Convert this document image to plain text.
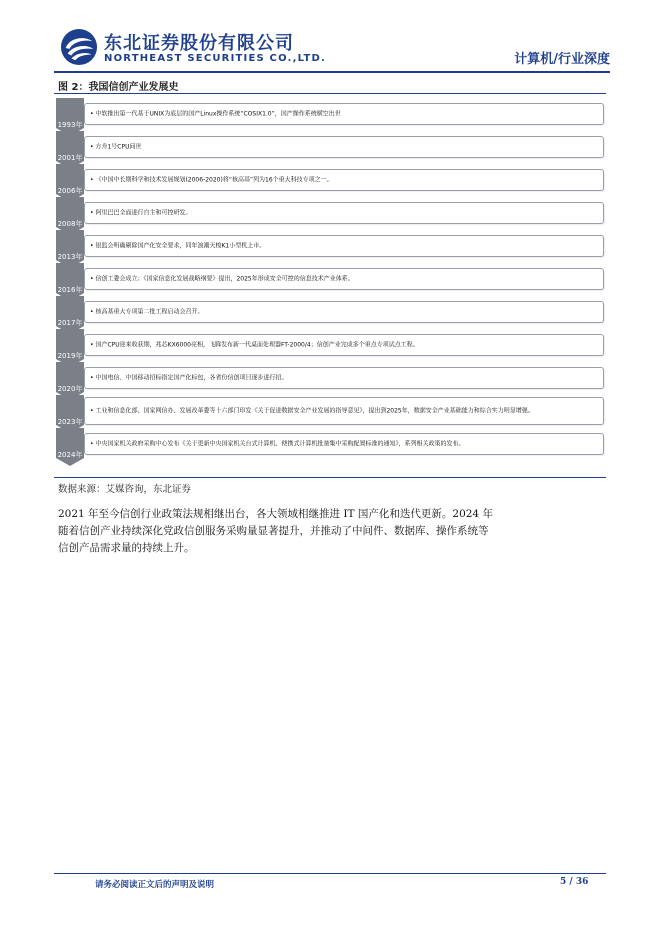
东北证券股份有限公司
NORTHEAST SECURITIES CO.,LTD.	计算机/行业深度
图 2：我国信创产业发展史
1993年
• 中软推出第一代基于UNIX为底层的国产Linux操作系统“COSIX1.0”，国产操作系统横空出世
2001年
• 方舟1号CPU问世
2006年
• 《中国中长期科学和技术发展规划(2006-2020)将“核高基”列为16个重大科技专项之一。
2008年
• 阿里巴巴全面进行自主和可控研发。
2013年
• 银监会明确剔除国产化安全要求，同年浪潮天梭K1小型机上市。
2016年
• 信创工委会成立；《国家信息化发展战略纲要》提出，2025年形成安全可控的信息技术产业体系。
2017年
• 核高基重大专项第二批工程启动会召开。
2019年
• 国产CPU迎来收获期，兆芯KX6000亮相，飞腾发布新一代桌面处理器FT-2000/4；信创产业完成多个重点专项试点工程。
2020年
• 中国电信、中国移动招标指定国产化标包，各省份信创项目逐步进行招。
2023年
• 工业和信息化部、国家网信办、发展改革委等十六部门印发《关于促进数据安全产业发展的指导意见》，提出到2025年，数据安全产业基础能力和综合实力明显增强。
2024年
• 中央国家机关政府采购中心发布《关于更新中央国家机关台式计算机、便携式计算机批量集中采购配置标准的通知》，系列相关政策的发布。
数据来源：艾媒咨询，东北证券
2021 年至今信创行业政策法规相继出台，各大领域相继推进 IT 国产化和迭代更新。2024 年随着信创产业持续深化党政信创服务采购量显著提升，并推动了中间件、数据库、操作系统等信创产品需求量的持续上升。
请务必阅读正文后的声明及说明	5 / 36
